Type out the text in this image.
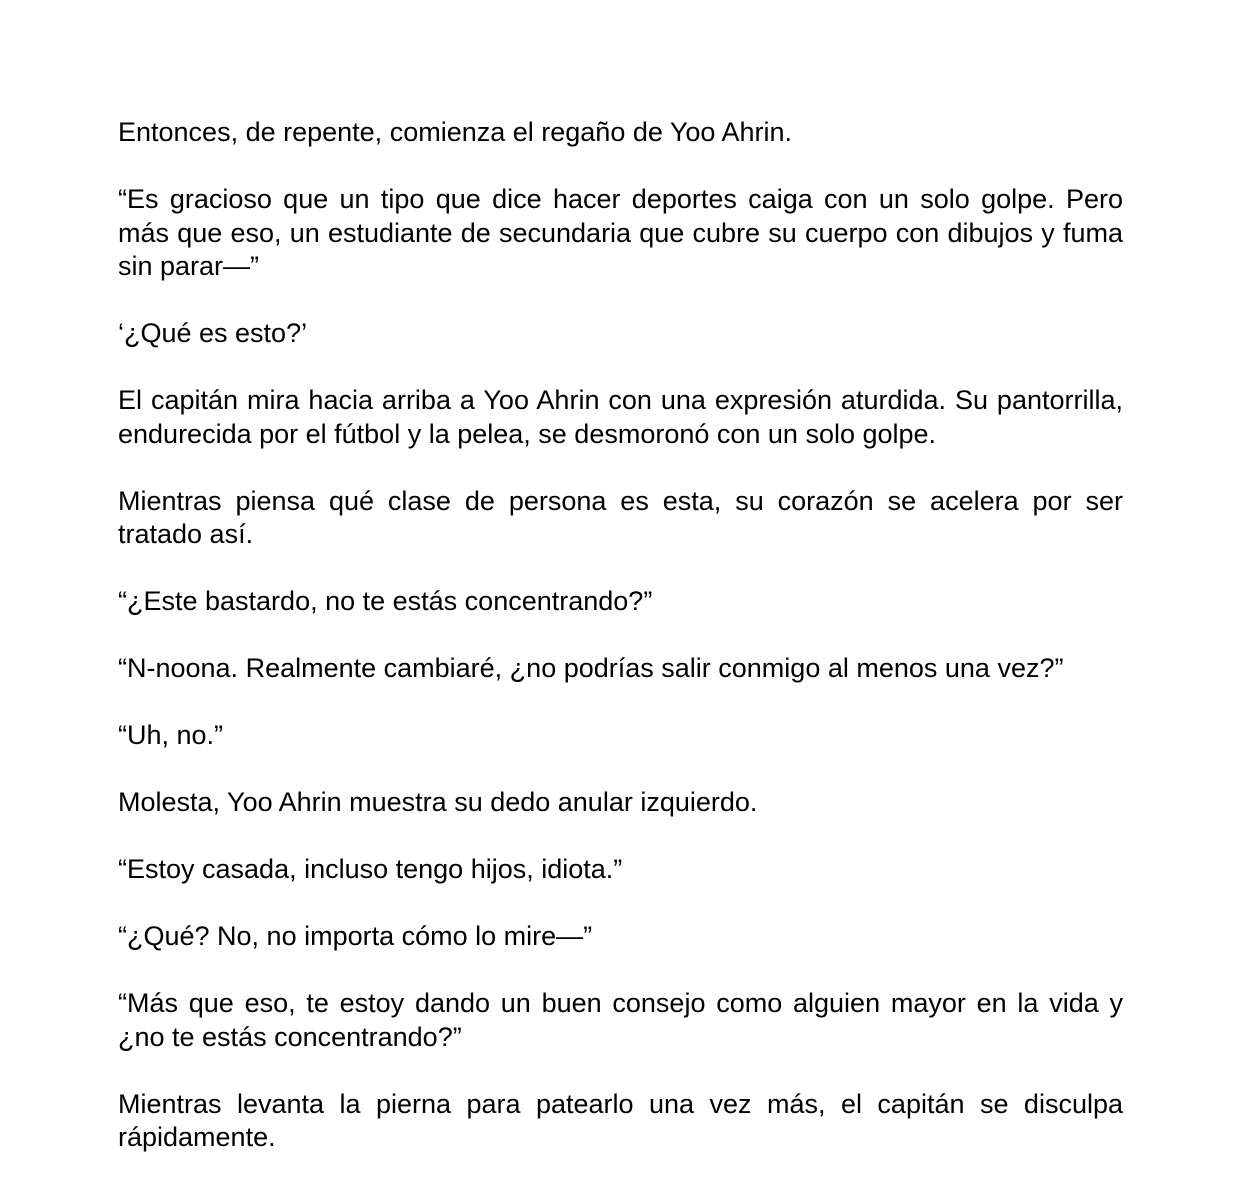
Entonces, de repente, comienza el regaño de Yoo Ahrin.

“Es gracioso que un tipo que dice hacer deportes caiga con un solo golpe. Pero más que eso, un estudiante de secundaria que cubre su cuerpo con dibujos y fuma sin parar—”

‘¿Qué es esto?’

El capitán mira hacia arriba a Yoo Ahrin con una expresión aturdida. Su pantorrilla, endurecida por el fútbol y la pelea, se desmoronó con un solo golpe.

Mientras piensa qué clase de persona es esta, su corazón se acelera por ser tratado así.

“¿Este bastardo, no te estás concentrando?”

“N-noona. Realmente cambiaré, ¿no podrías salir conmigo al menos una vez?”

“Uh, no.”

Molesta, Yoo Ahrin muestra su dedo anular izquierdo.

“Estoy casada, incluso tengo hijos, idiota.”

“¿Qué? No, no importa cómo lo mire—”

“Más que eso, te estoy dando un buen consejo como alguien mayor en la vida y ¿no te estás concentrando?”

Mientras levanta la pierna para patearlo una vez más, el capitán se disculpa rápidamente.
